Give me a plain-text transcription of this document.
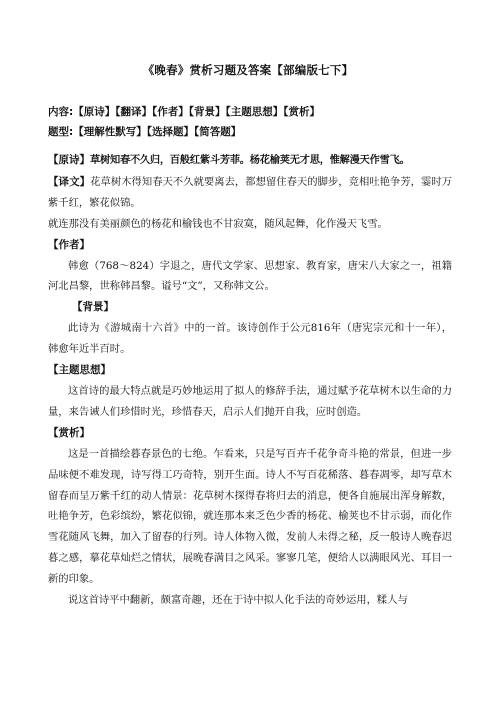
《晚春》赏析习题及答案【部编版七下】
内容:【原诗】【翻译】【作者】【背景】【主题思想】【赏析】
题型:【理解性默写】【选择题】【简答题】

【原诗】草树知春不久归，百般红紫斗芳菲。杨花榆荚无才思，惟解漫天作雪飞。

【译文】花草树木得知春天不久就要离去，都想留住春天的脚步，竞相吐艳争芳，霎时万紫千红，繁花似锦。

就连那没有美丽颜色的杨花和榆钱也不甘寂寞，随风起舞，化作漫天飞雪。

【作者】

韩愈（768～824）字退之，唐代文学家、思想家、教育家，唐宋八大家之一，祖籍河北昌黎，世称韩昌黎。谥号“文”，又称韩文公。

【背景】

此诗为《游城南十六首》中的一首。该诗创作于公元816年（唐宪宗元和十一年），韩愈年近半百时。

【主题思想】

这首诗的最大特点就是巧妙地运用了拟人的修辞手法，通过赋予花草树木以生命的力量，来告诫人们珍惜时光，珍惜春天，启示人们抛开自我，应时创造。

【赏析】

这是一首描绘暮春景色的七绝。乍看来，只是写百卉千花争奇斗艳的常景，但进一步品味便不难发现，诗写得工巧奇特，别开生面。诗人不写百花稀落、暮春凋零，却写草木留春而呈万紫千红的动人情景：花草树木探得春将归去的消息，便各自施展出浑身解数，吐艳争芳，色彩缤纷，繁花似锦，就连那本来乏色少香的杨花、榆荚也不甘示弱，而化作雪花随风飞舞，加入了留春的行列。诗人体物入微，发前人未得之秘，反一般诗人晚春迟暮之感，摹花草灿烂之情状，展晚春满目之风采。寥寥几笔，便给人以满眼风光、耳目一新的印象。

说这首诗平中翻新，颇富奇趣，还在于诗中拟人化手法的奇妙运用，糅人与
